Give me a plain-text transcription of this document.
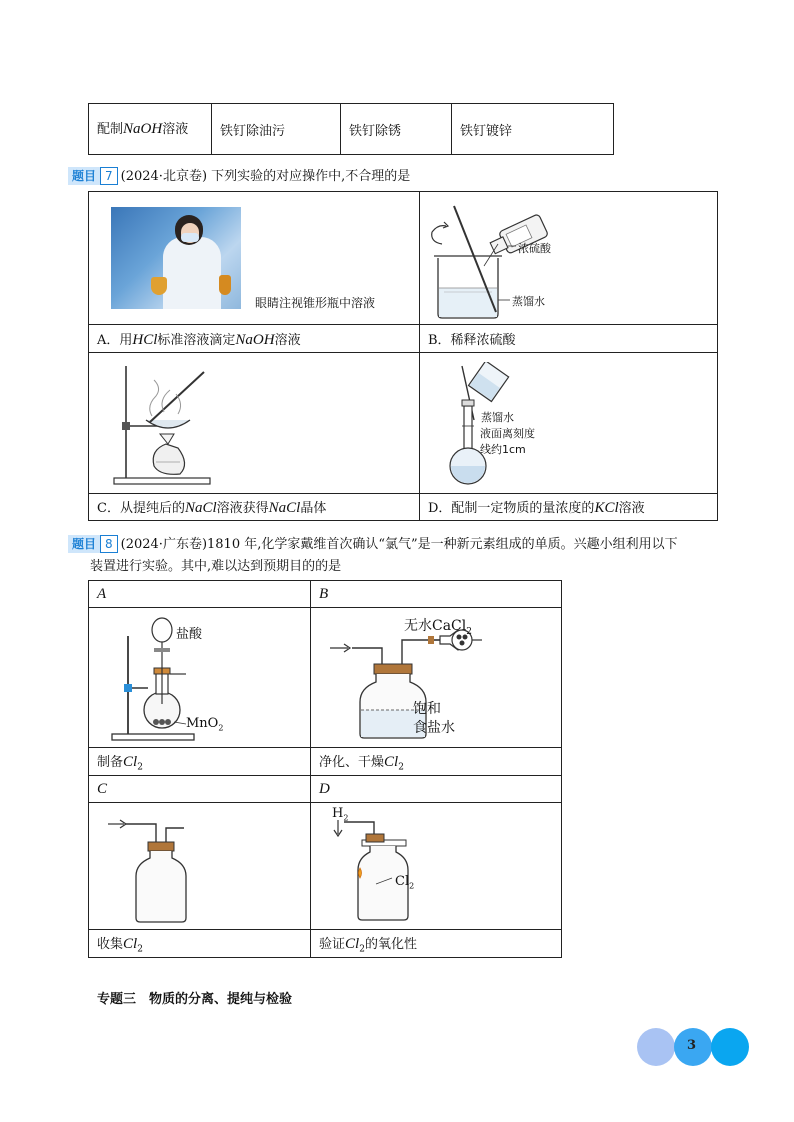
配制NaOH溶液	铁钉除油污	铁钉除锈	铁钉镀锌
题目 7 (2024·北京卷) 下列实验的对应操作中,不合理的是

A．用HCl标准溶液滴定NaOH溶液	B．稀释浓硫酸

C．从提纯后的NaCl溶液获得NaCl晶体	D．配制一定物质的量浓度的KCl溶液
眼睛注视锥形瓶中溶液
浓硫酸
蒸馏水
蒸馏水
液面离刻度
线约1cm
题目 8 (2024·广东卷)1810 年,化学家戴维首次确认“氯气”是一种新元素组成的单质。兴趣小组利用以下
装置进行实验。其中,难以达到预期目的的是
A	B

制备$Cl_2$	净化、干燥$Cl_2$
C	D

收集$Cl_2$	验证$Cl_2$的氧化性
盐酸
MnO$_2$
无水CaCl$_2$
饱和
食盐水
$H_2$
$Cl_2$
专题三　物质的分离、提纯与检验
3
